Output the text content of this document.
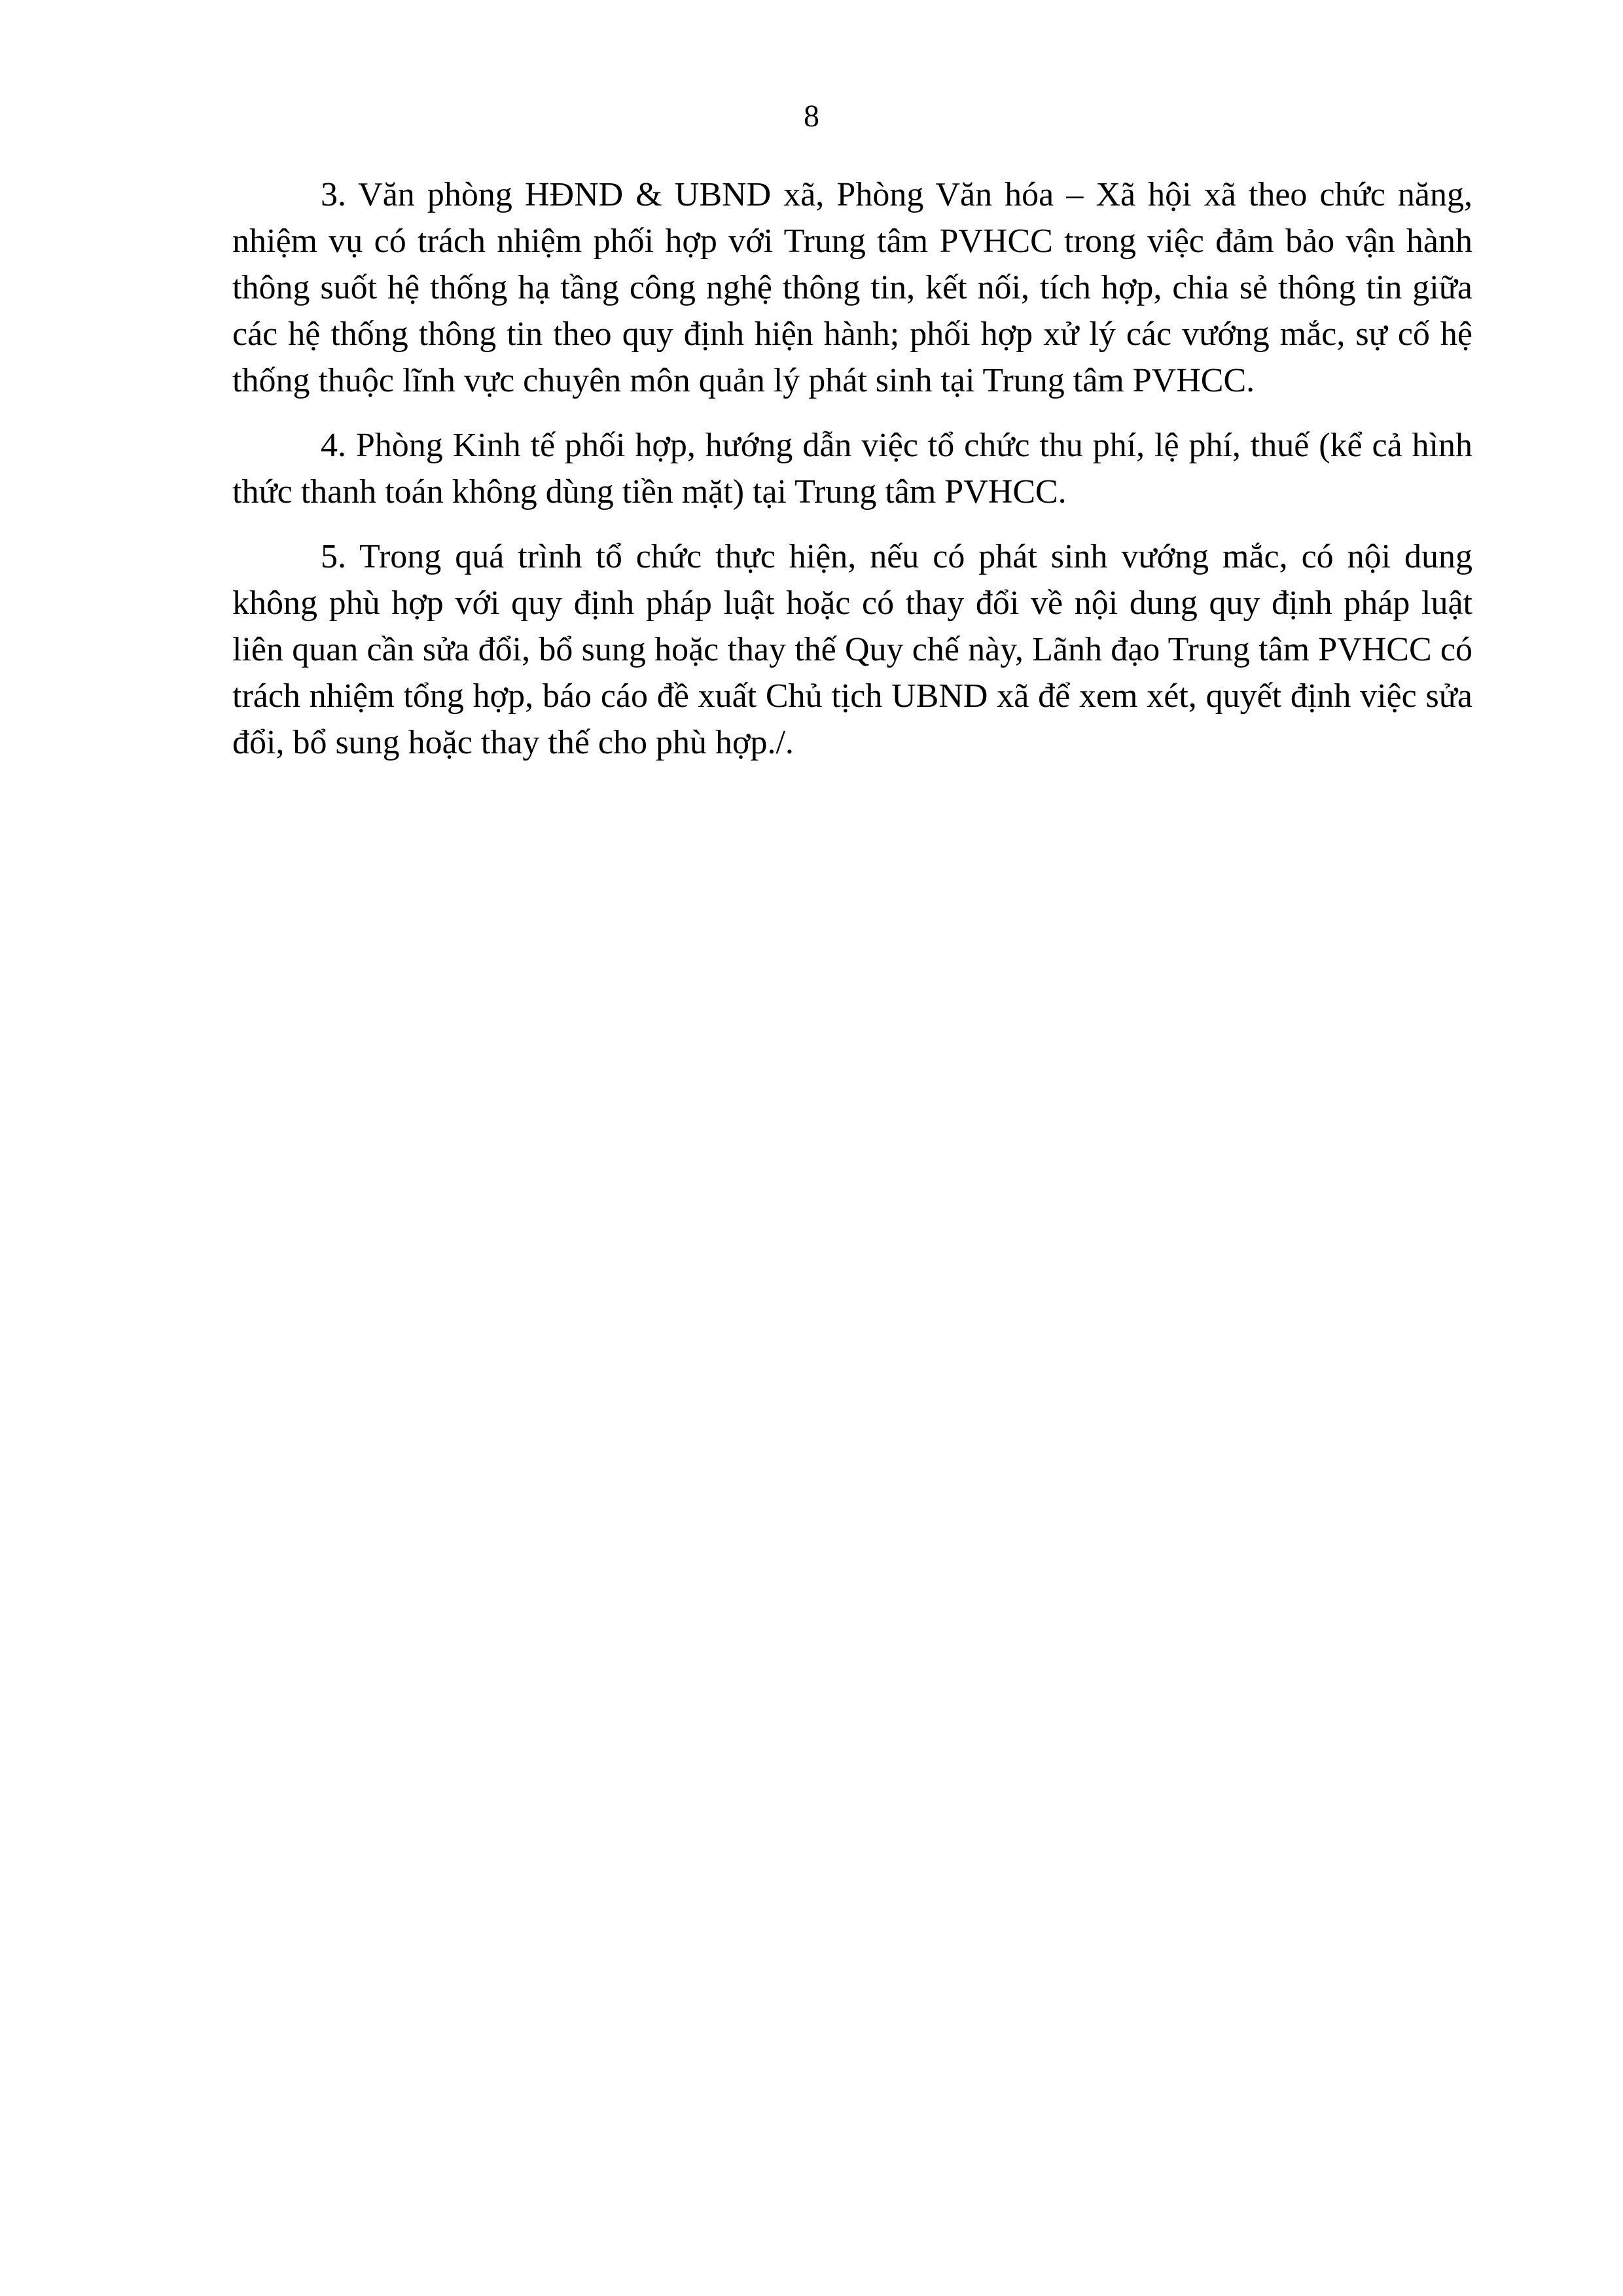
8

3. Văn phòng HĐND & UBND xã, Phòng Văn hóa – Xã hội xã theo chức năng, nhiệm vụ có trách nhiệm phối hợp với Trung tâm PVHCC trong việc đảm bảo vận hành thông suốt hệ thống hạ tầng công nghệ thông tin, kết nối, tích hợp, chia sẻ thông tin giữa các hệ thống thông tin theo quy định hiện hành; phối hợp xử lý các vướng mắc, sự cố hệ thống thuộc lĩnh vực chuyên môn quản lý phát sinh tại Trung tâm PVHCC.

4. Phòng Kinh tế phối hợp, hướng dẫn việc tổ chức thu phí, lệ phí, thuế (kể cả hình thức thanh toán không dùng tiền mặt) tại Trung tâm PVHCC.

5. Trong quá trình tổ chức thực hiện, nếu có phát sinh vướng mắc, có nội dung không phù hợp với quy định pháp luật hoặc có thay đổi về nội dung quy định pháp luật liên quan cần sửa đổi, bổ sung hoặc thay thế Quy chế này, Lãnh đạo Trung tâm PVHCC có trách nhiệm tổng hợp, báo cáo đề xuất Chủ tịch UBND xã để xem xét, quyết định việc sửa đổi, bổ sung hoặc thay thế cho phù hợp./.
